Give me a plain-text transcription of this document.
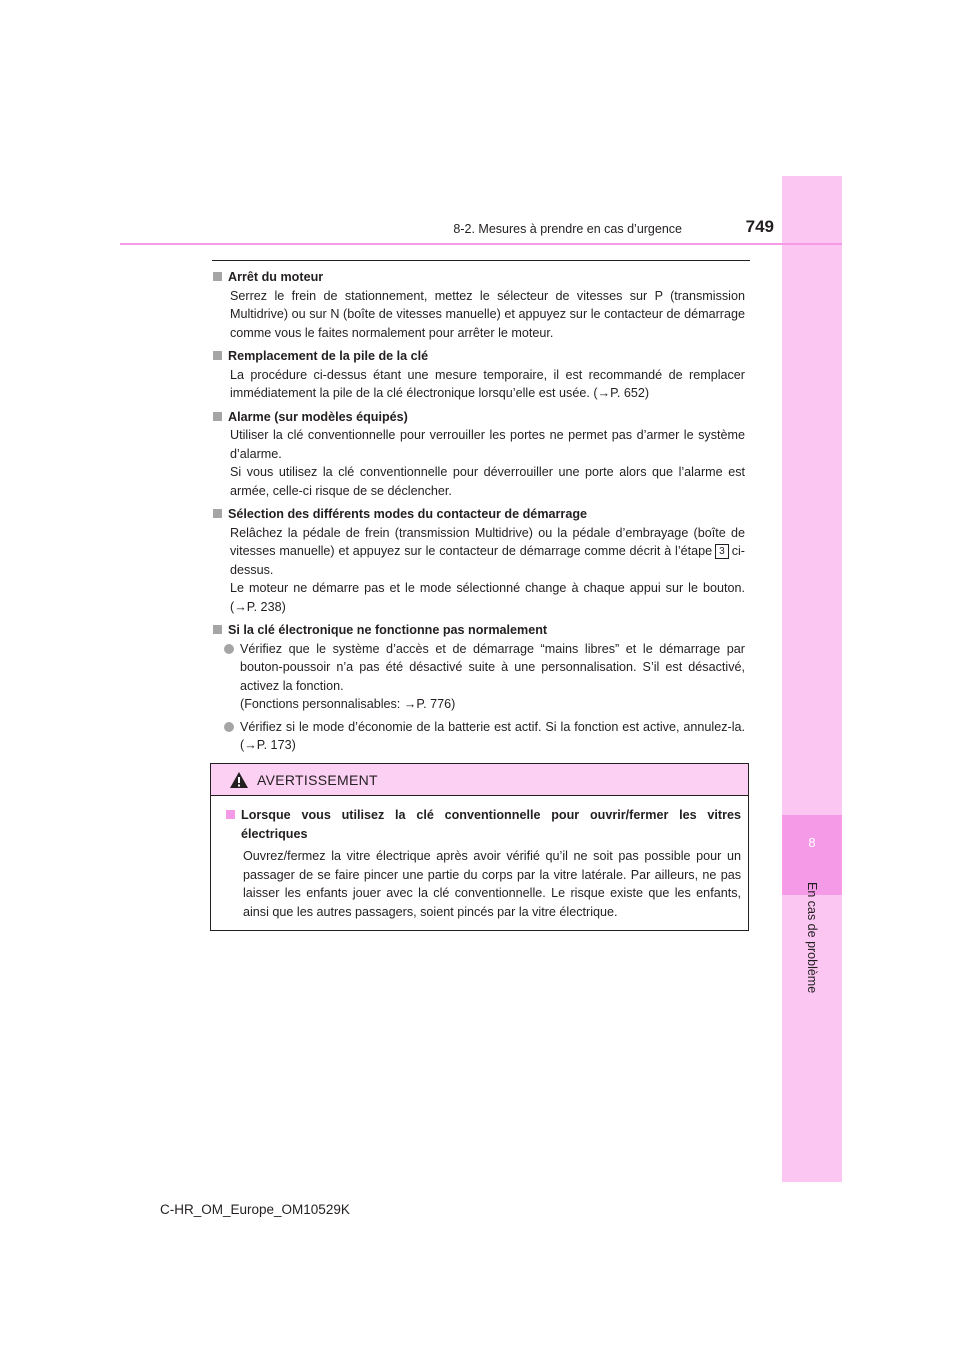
8
En cas de problème
8-2. Mesures à prendre en cas d’urgence	749
Arrêt du moteur
Serrez le frein de stationnement, mettez le sélecteur de vitesses sur P (transmission Multidrive) ou sur N (boîte de vitesses manuelle) et appuyez sur le contacteur de démarrage comme vous le faites normalement pour arrêter le moteur.
Remplacement de la pile de la clé
La procédure ci-dessus étant une mesure temporaire, il est recommandé de remplacer immédiatement la pile de la clé électronique lorsqu’elle est usée. (→P. 652)
Alarme (sur modèles équipés)
Utiliser la clé conventionnelle pour verrouiller les portes ne permet pas d’armer le système d’alarme.
Si vous utilisez la clé conventionnelle pour déverrouiller une porte alors que l’alarme est armée, celle-ci risque de se déclencher.
Sélection des différents modes du contacteur de démarrage
Relâchez la pédale de frein (transmission Multidrive) ou la pédale d’embrayage (boîte de vitesses manuelle) et appuyez sur le contacteur de démarrage comme décrit à l’étape 3 ci-dessus.
Le moteur ne démarre pas et le mode sélectionné change à chaque appui sur le bouton. (→P. 238)
Si la clé électronique ne fonctionne pas normalement
Vérifiez que le système d’accès et de démarrage “mains libres” et le démarrage par bouton-poussoir n’a pas été désactivé suite à une personnalisation. S’il est désactivé, activez la fonction.
(Fonctions personnalisables: →P. 776)
Vérifiez si le mode d’économie de la batterie est actif. Si la fonction est active, annulez-la. (→P. 173)
AVERTISSEMENT
Lorsque vous utilisez la clé conventionnelle pour ouvrir/fermer les vitres électriques
Ouvrez/fermez la vitre électrique après avoir vérifié qu’il ne soit pas possible pour un passager de se faire pincer une partie du corps par la vitre latérale. Par ailleurs, ne pas laisser les enfants jouer avec la clé conventionnelle. Le risque existe que les enfants, ainsi que les autres passagers, soient pincés par la vitre électrique.
C-HR_OM_Europe_OM10529K
